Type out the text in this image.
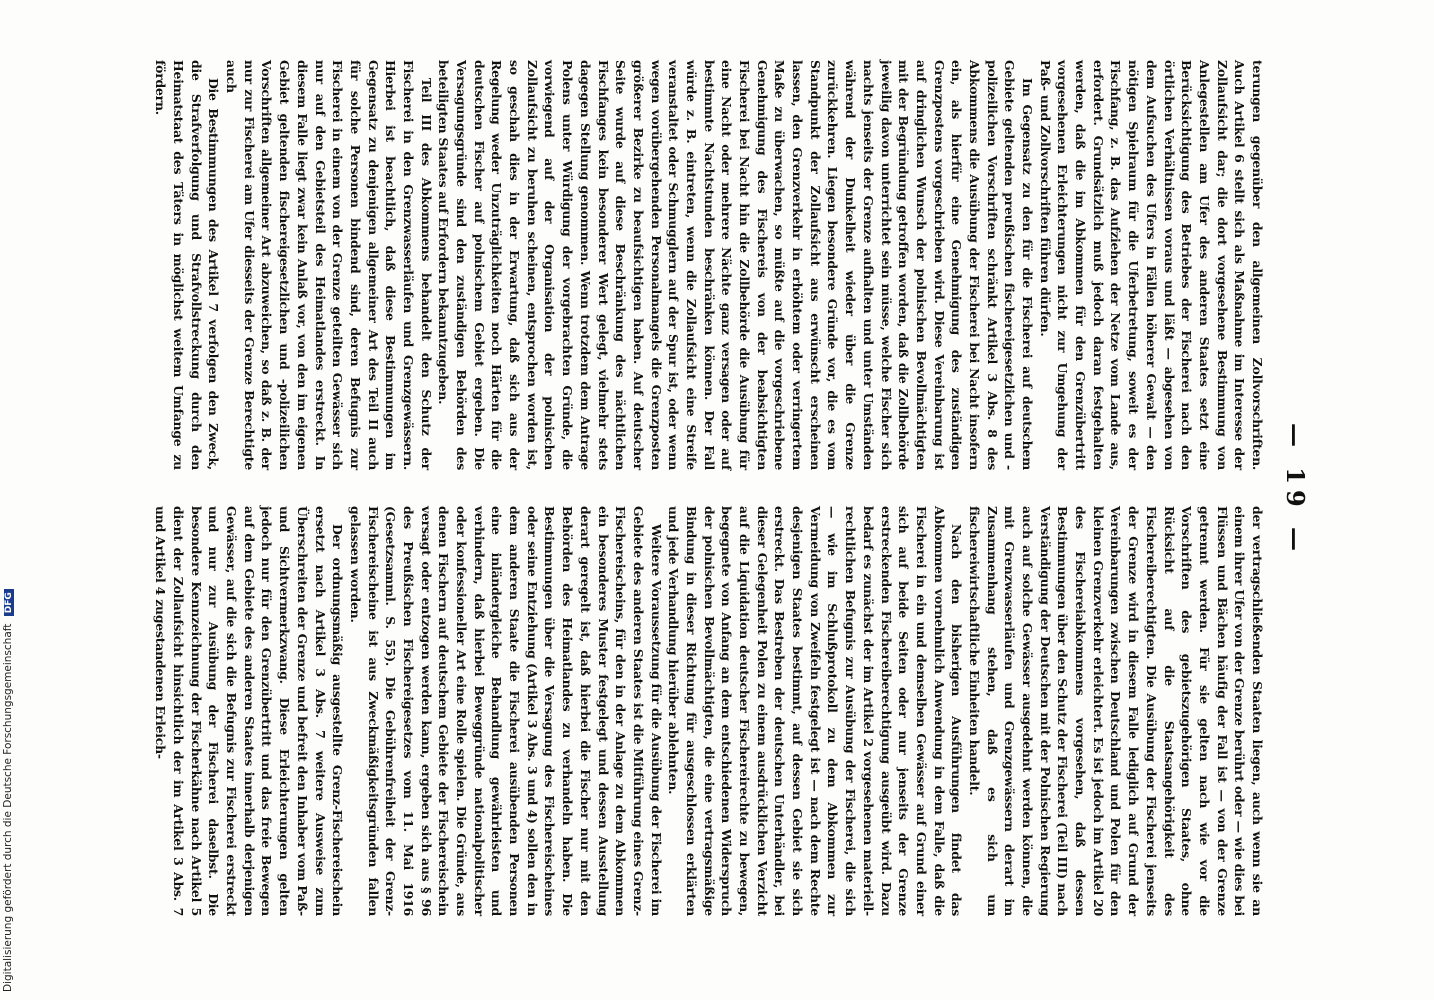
— 19 —

der vertragschließenden Staaten liegen, auch wenn sie an einem ihrer Ufer von der Grenze berührt oder — wie dies bei Flüssen und Bächen häufig der Fall ist — von der Grenze getrennt werden. Für sie gelten nach wie vor die Vorschriften des gebietszugehörigen Staates, ohne Rücksicht auf die Staatsangehörigkeit des Fischereiberechtigten. Die Ausübung der Fischerei jenseits der Grenze wird in diesem Falle lediglich auf Grund der Vereinbarungen zwischen Deutschland und Polen für den kleinen Grenzverkehr erleichtert. Es ist jedoch im Artikel 20 des Fischereiabkommens vorgesehen, daß dessen Bestimmungen über den Schutz der Fischerei (Teil III) nach Verständigung der Deutschen mit der Polnischen Regierung auch auf solche Gewässer ausgedehnt werden können, die mit Grenzwasserläufen und Grenzgewässern derart im Zusammenhang stehen, daß es sich um fischereiwirtschaftliche Einheiten handelt.

Nach den bisherigen Ausführungen findet das Abkommen vornehmlich Anwendung in dem Falle, daß die Fischerei in ein und demselben Gewässer auf Grund einer sich auf beide Seiten oder nur jenseits der Grenze erstreckenden Fischereiberechtigung ausgeübt wird. Dazu bedarf es zunächst der im Artikel 2 vorgesehenen materiell-rechtlichen Befugnis zur Ausübung der Fischerei, die sich — wie im Schlußprotokoll zu dem Abkommen zur Vermeidung von Zweifeln festgelegt ist — nach dem Rechte desjenigen Staates bestimmt, auf dessen Gebiet sie sich erstreckt. Das Bestreben der deutschen Unterhändler, bei dieser Gelegenheit Polen zu einem ausdrücklichen Verzicht auf die Liquidation deutscher Fischereirechte zu bewegen, begegnete von Anfang an dem entschiedenen Widerspruch der polnischen Bevollmächtigten, die eine vertragsmäßige Bindung in dieser Richtung für ausgeschlossen erklärten und jede Verhandlung hierüber ablehnten.

Weitere Voraussetzung für die Ausübung der Fischerei im Gebiete des anderen Staates ist die Mitführung eines Grenz-Fischereischeins, für den in der Anlage zu dem Abkommen ein besonderes Muster festgelegt und dessen Ausstellung derart geregelt ist, daß hierbei die Fischer nur mit den Behörden des Heimatlandes zu verhandeln haben. Die Bestimmungen über die Versagung des Fischereischeines oder seine Entziehung (Artikel 3 Abs. 3 und 4) sollen den in dem anderen Staate die Fischerei ausübenden Personen eine inländergleiche Behandlung gewährleisten und verhindern, daß hierbei Beweggründe nationalpolitischer oder konfessioneller Art eine Rolle spielen. Die Gründe, aus denen Fischern auf deutschem Gebiete der Fischereischein versagt oder entzogen werden kann, ergeben sich aus § 96 des Preußischen Fischereigesetzes vom 11. Mai 1916 (Gesetzsamml. S. 55). Die Gebührenfreiheit der Grenz-Fischereischeine ist aus Zweckmäßigkeitsgründen fallen gelassen worden.

Der ordnungsmäßig ausgestellte Grenz-Fischereischein ersetzt nach Artikel 3 Abs. 7 weitere Ausweise zum Überschreiten der Grenze und befreit den Inhaber vom Paß- und Sichtvermerkzwang. Diese Erleichterungen gelten jedoch nur für den Grenzübertritt und das freie Bewegen auf dem Gebiete des anderen Staates innerhalb derjenigen Gewässer, auf die sich die Befugnis zur Fischerei erstreckt und nur zur Ausübung der Fischerei daselbst. Die besondere Kennzeichnung der Fischerkähne nach Artikel 5 dient der Zollaufsicht hinsichtlich der im Artikel 3 Abs. 7 und Artikel 4 zugestandenen Erleich-

terungen gegenüber den allgemeinen Zollvorschriften. Auch Artikel 6 stellt sich als Maßnahme im Interesse der Zollaufsicht dar; die dort vorgesehene Bestimmung von Anlegestellen am Ufer des anderen Staates setzt eine Berücksichtigung des Betriebes der Fischerei nach den örtlichen Verhältnissen voraus und läßt — abgesehen von dem Aufsuchen des Ufers in Fällen höherer Gewalt — den nötigen Spielraum für die Uferbetretung, soweit es der Fischfang, z. B. das Aufziehen der Netze vom Lande aus, erfordert. Grundsätzlich muß jedoch daran festgehalten werden, daß die im Abkommen für den Grenzübertritt vorgesehenen Erleichterungen nicht zur Umgehung der Paß- und Zollvorschriften führen dürfen.

Im Gegensatz zu den für die Fischerei auf deutschem Gebiete geltenden preußischen fischereigesetzlichen und -polizeilichen Vorschriften schränkt Artikel 3 Abs. 8 des Abkommens die Ausübung der Fischerei bei Nacht insofern ein, als hierfür eine Genehmigung des zuständigen Grenzpostens vorgeschrieben wird. Diese Vereinbarung ist auf dringlichen Wunsch der polnischen Bevollmächtigten mit der Begründung getroffen worden, daß die Zollbehörde jeweilig davon unterrichtet sein müsse, welche Fischer sich nachts jenseits der Grenze aufhalten und unter Umständen während der Dunkelheit wieder über die Grenze zurückkehren. Liegen besondere Gründe vor, die es vom Standpunkt der Zollaufsicht aus erwünscht erscheinen lassen, den Grenzverkehr in erhöhtem oder verringertem Maße zu überwachen, so müßte auf die vorgeschriebene Genehmigung des Fischereis von der beabsichtigten Fischerei bei Nacht hin die Zollbehörde die Ausübung für eine Nacht oder mehrere Nächte ganz versagen oder auf bestimmte Nachtstunden beschränken können. Der Fall würde z. B. eintreten, wenn die Zollaufsicht eine Streife veranstaltet oder Schmugglern auf der Spur ist, oder wenn wegen vorübergehenden Personalmangels die Grenzposten größerer Bezirke zu beaufsichtigen haben. Auf deutscher Seite wurde auf diese Beschränkung des nächtlichen Fischfanges kein besonderer Wert gelegt, vielmehr stets dagegen Stellung genommen. Wenn trotzdem dem Antrage Polens unter Würdigung der vorgebrachten Gründe, die vorwiegend auf der Organisation der polnischen Zollaufsicht zu beruhen scheinen, entsprochen worden ist, so geschah dies in der Erwartung, daß sich aus der Regelung weder Unzuträglichkeiten noch Härten für die deutschen Fischer auf polnischem Gebiet ergeben. Die Versagungsgründe sind den zuständigen Behörden des beteiligten Staates auf Erfordern bekanntzugeben.

Teil III des Abkommens behandelt den Schutz der Fischerei in den Grenzwasserläufen und Grenzgewässern. Hierbei ist beachtlich, daß diese Bestimmungen im Gegensatz zu denjenigen allgemeiner Art des Teil II auch für solche Personen bindend sind, deren Befugnis zur Fischerei in einem von der Grenze geteilten Gewässer sich nur auf den Gebietsteil des Heimatlandes erstreckt. In diesem Falle liegt zwar kein Anlaß vor, von den im eigenen Gebiet geltenden fischereigesetzlichen und -polizeilichen Vorschriften allgemeiner Art abzuweichen, so daß z. B. der nur zur Fischerei am Ufer diesseits der Grenze Berechtigte auch

Die Bestimmungen des Artikel 7 verfolgen den Zweck, die Strafverfolgung und Strafvollstreckung durch den Heimatstaat des Täters in möglichst weitem Umfange zu fördern.

Digitalisierung gefördert durch die Deutsche Forschungsgemeinschaft DFG
